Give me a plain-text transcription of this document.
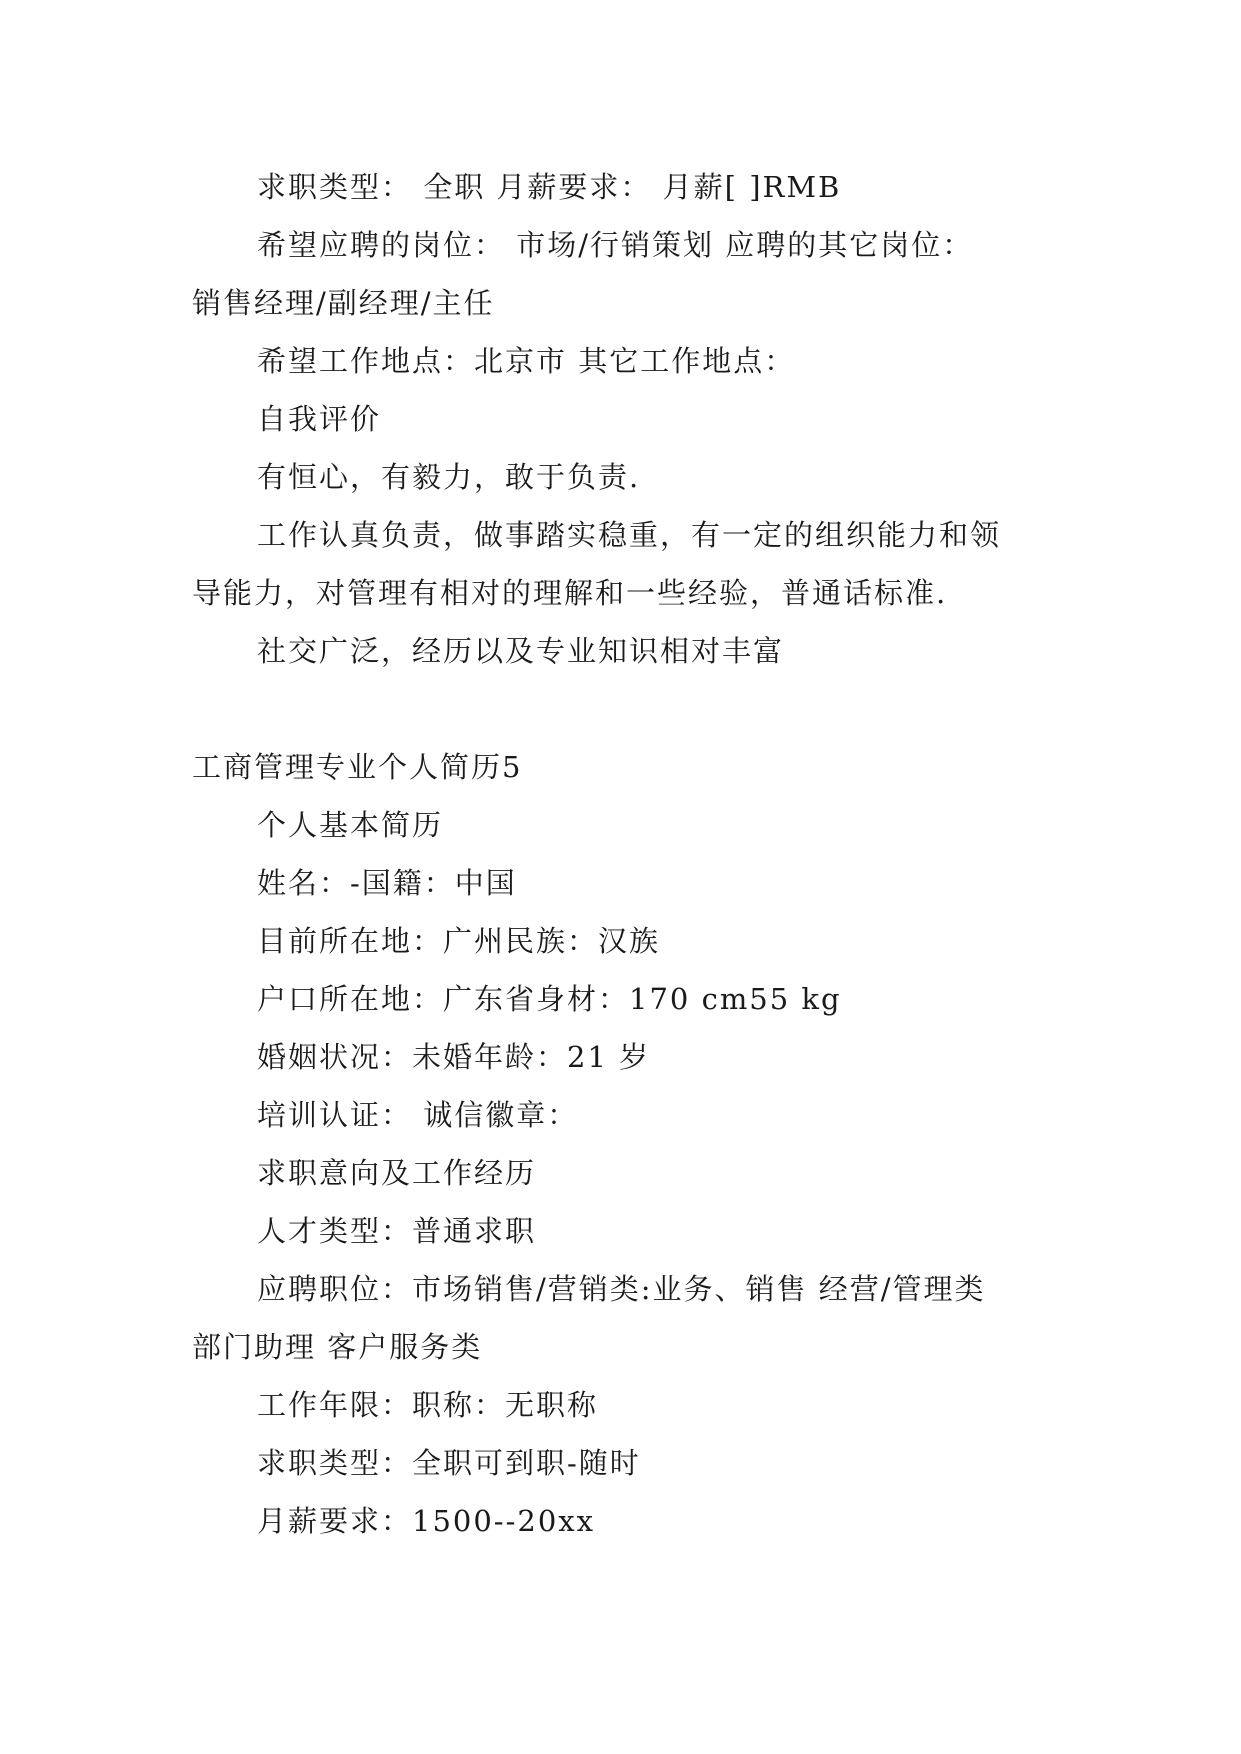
求职类型： 全职 月薪要求： 月薪[ ]RMB

希望应聘的岗位： 市场/行销策划 应聘的其它岗位：

销售经理/副经理/主任

希望工作地点：北京市 其它工作地点：

自我评价

有恒心，有毅力，敢于负责.

工作认真负责，做事踏实稳重，有一定的组织能力和领

导能力，对管理有相对的理解和一些经验，普通话标准.

社交广泛，经历以及专业知识相对丰富

工商管理专业个人简历5

个人基本简历

姓名：-国籍：中国

目前所在地：广州民族：汉族

户口所在地：广东省身材：170 cm55 kg

婚姻状况：未婚年龄：21 岁

培训认证： 诚信徽章：

求职意向及工作经历

人才类型：普通求职

应聘职位：市场销售/营销类:业务、销售 经营/管理类

部门助理 客户服务类

工作年限：职称：无职称

求职类型：全职可到职-随时

月薪要求：1500--20xx
